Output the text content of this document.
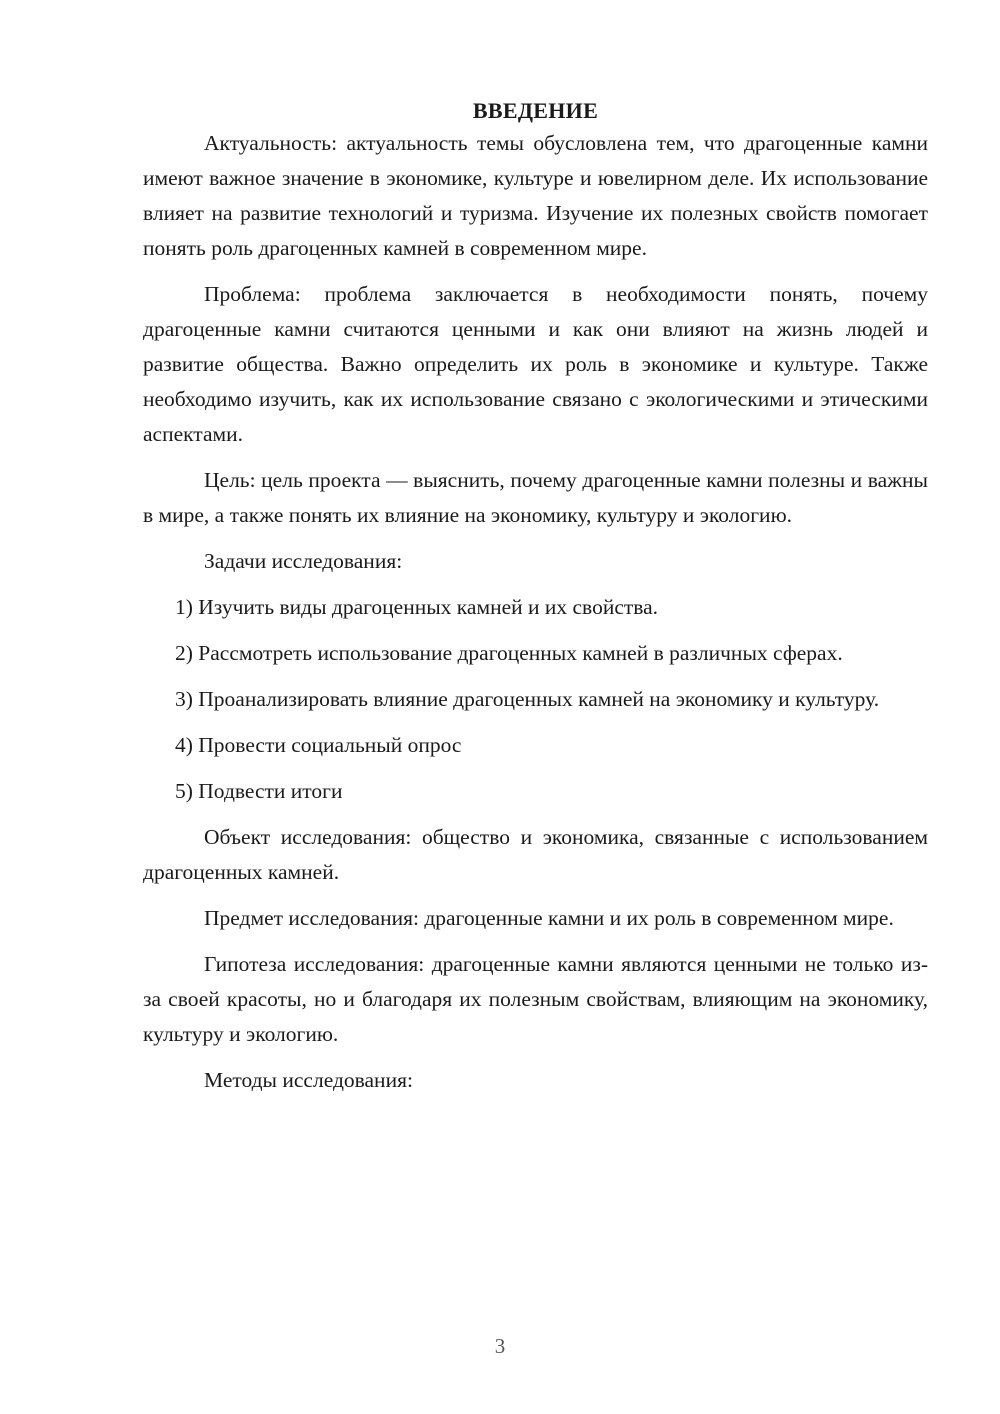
ВВЕДЕНИЕ

Актуальность: актуальность темы обусловлена тем, что драгоценные камни имеют важное значение в экономике, культуре и ювелирном деле. Их использование влияет на развитие технологий и туризма. Изучение их полезных свойств помогает понять роль драгоценных камней в современном мире.

Проблема: проблема заключается в необходимости понять, почему драгоценные камни считаются ценными и как они влияют на жизнь людей и развитие общества. Важно определить их роль в экономике и культуре. Также необходимо изучить, как их использование связано с экологическими и этическими аспектами.

Цель: цель проекта — выяснить, почему драгоценные камни полезны и важны в мире, а также понять их влияние на экономику, культуру и экологию.

Задачи исследования:

1) Изучить виды драгоценных камней и их свойства.

2) Рассмотреть использование драгоценных камней в различных сферах.

3) Проанализировать влияние драгоценных камней на экономику и культуру.

4) Провести социальный опрос

5) Подвести итоги

Объект исследования: общество и экономика, связанные с использованием драгоценных камней.

Предмет исследования: драгоценные камни и их роль в современном мире.

Гипотеза исследования: драгоценные камни являются ценными не только из-за своей красоты, но и благодаря их полезным свойствам, влияющим на экономику, культуру и экологию.

Методы исследования:

3
